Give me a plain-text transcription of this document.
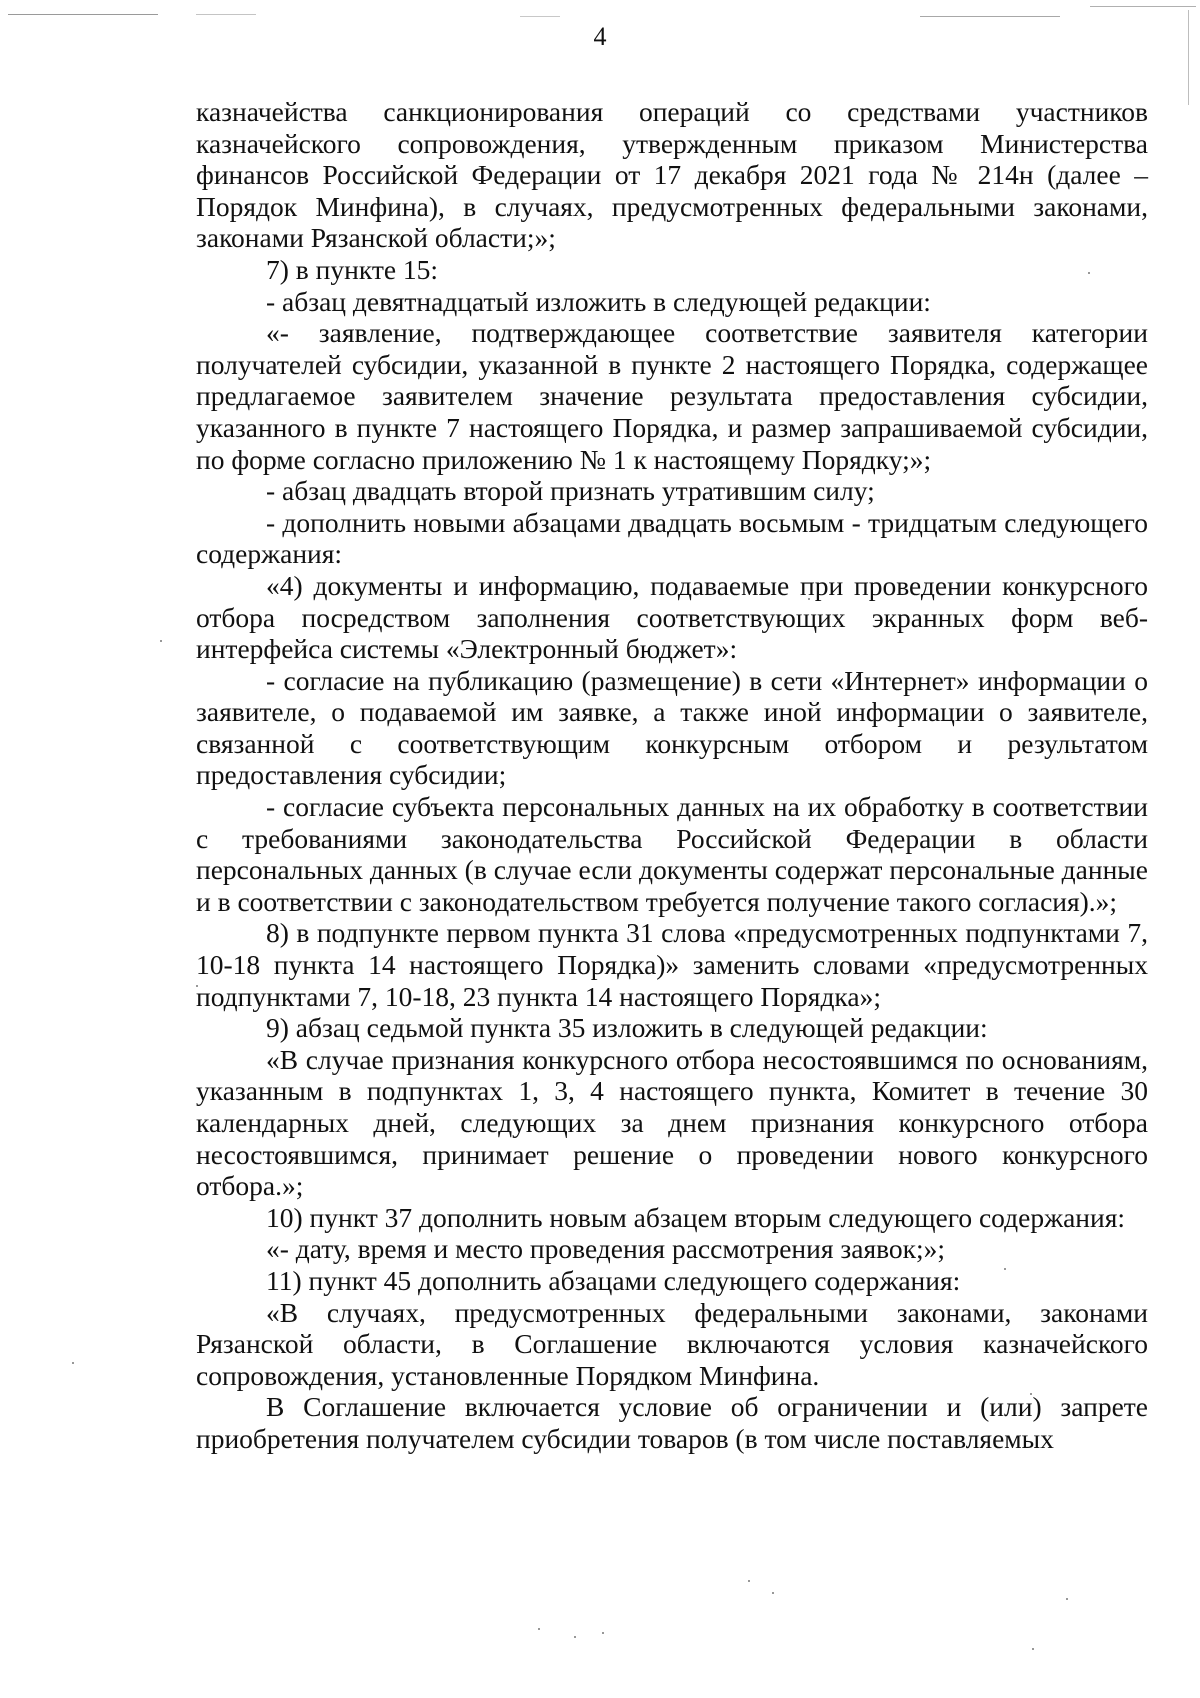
4

казначейства санкционирования операций со средствами участников казначейского сопровождения, утвержденным приказом Министерства финансов Российской Федерации от 17 декабря 2021 года № 214н (далее – Порядок Минфина), в случаях, предусмотренных федеральными законами, законами Рязанской области;»;

7) в пункте 15:

- абзац девятнадцатый изложить в следующей редакции:

«- заявление, подтверждающее соответствие заявителя категории получателей субсидии, указанной в пункте 2 настоящего Порядка, содержащее предлагаемое заявителем значение результата предоставления субсидии, указанного в пункте 7 настоящего Порядка, и размер запрашиваемой субсидии, по форме согласно приложению № 1 к настоящему Порядку;»;

- абзац двадцать второй признать утратившим силу;

- дополнить новыми абзацами двадцать восьмым - тридцатым следующего содержания:

«4) документы и информацию, подаваемые при проведении конкурсного отбора посредством заполнения соответствующих экранных форм веб-интерфейса системы «Электронный бюджет»:

- согласие на публикацию (размещение) в сети «Интернет» информации о заявителе, о подаваемой им заявке, а также иной информации о заявителе, связанной с соответствующим конкурсным отбором и результатом предоставления субсидии;

- согласие субъекта персональных данных на их обработку в соответствии с требованиями законодательства Российской Федерации в области персональных данных (в случае если документы содержат персональные данные и в соответствии с законодательством требуется получение такого согласия).»;

8) в подпункте первом пункта 31 слова «предусмотренных подпунктами 7, 10-18 пункта 14 настоящего Порядка)» заменить словами «предусмотренных подпунктами 7, 10-18, 23 пункта 14 настоящего Порядка»;

9) абзац седьмой пункта 35 изложить в следующей редакции:

«В случае признания конкурсного отбора несостоявшимся по основаниям, указанным в подпунктах 1, 3, 4 настоящего пункта, Комитет в течение 30 календарных дней, следующих за днем признания конкурсного отбора несостоявшимся, принимает решение о проведении нового конкурсного отбора.»;

10) пункт 37 дополнить новым абзацем вторым следующего содержания:

«- дату, время и место проведения рассмотрения заявок;»;

11) пункт 45 дополнить абзацами следующего содержания:

«В случаях, предусмотренных федеральными законами, законами Рязанской области, в Соглашение включаются условия казначейского сопровождения, установленные Порядком Минфина.

В Соглашение включается условие об ограничении и (или) запрете приобретения получателем субсидии товаров (в том числе поставляемых
